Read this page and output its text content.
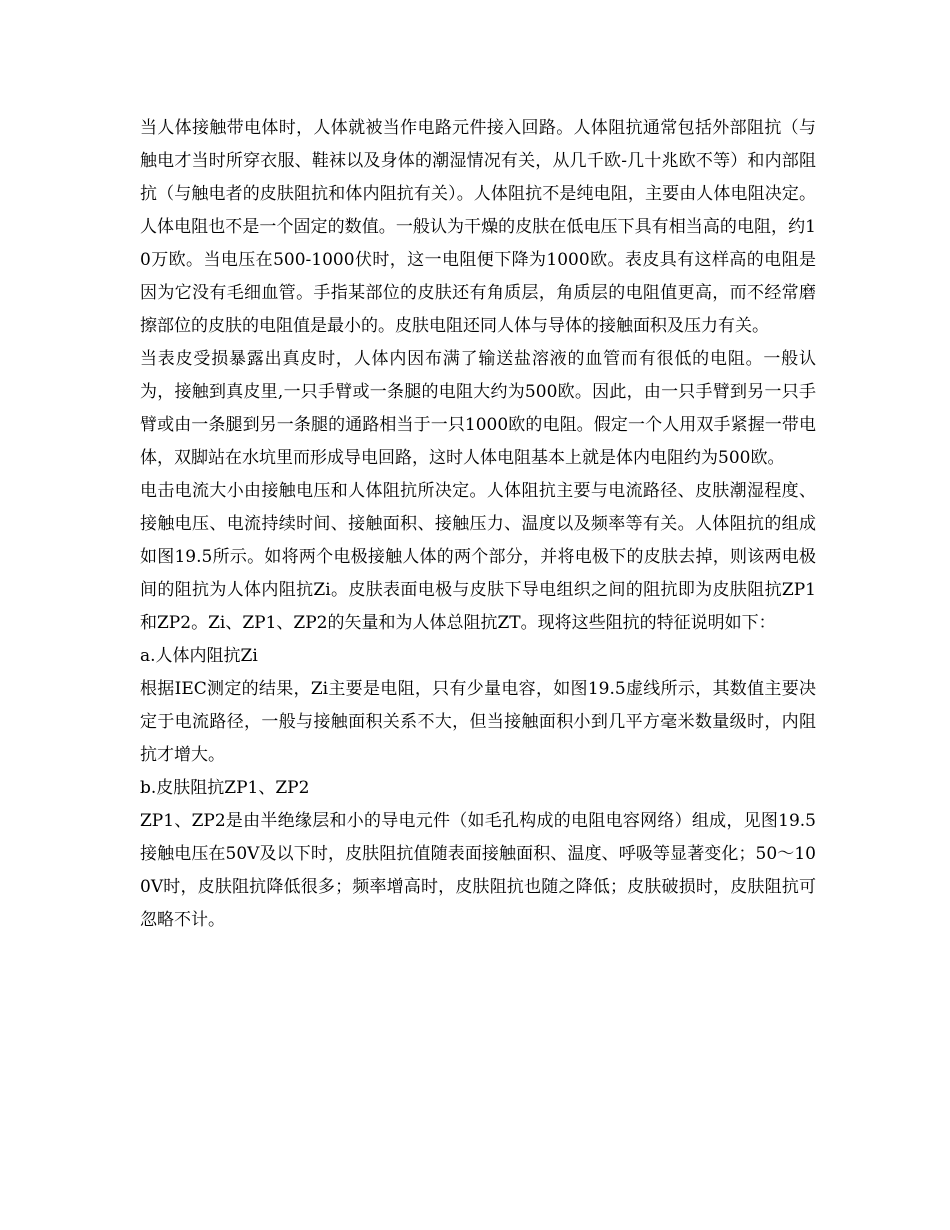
当人体接触带电体时，人体就被当作电路元件接入回路。人体阻抗通常包括外部阻抗（与触电才当时所穿衣服、鞋袜以及身体的潮湿情况有关，从几千欧-几十兆欧不等）和内部阻抗（与触电者的皮肤阻抗和体内阻抗有关）。人体阻抗不是纯电阻，主要由人体电阻决定。人体电阻也不是一个固定的数值。一般认为干燥的皮肤在低电压下具有相当高的电阻，约10万欧。当电压在500-1000伏时，这一电阻便下降为1000欧。表皮具有这样高的电阻是因为它没有毛细血管。手指某部位的皮肤还有角质层，角质层的电阻值更高，而不经常磨擦部位的皮肤的电阻值是最小的。皮肤电阻还同人体与导体的接触面积及压力有关。

当表皮受损暴露出真皮时，人体内因布满了输送盐溶液的血管而有很低的电阻。一般认为，接触到真皮里,一只手臂或一条腿的电阻大约为500欧。因此，由一只手臂到另一只手臂或由一条腿到另一条腿的通路相当于一只1000欧的电阻。假定一个人用双手紧握一带电体，双脚站在水坑里而形成导电回路，这时人体电阻基本上就是体内电阻约为500欧。

电击电流大小由接触电压和人体阻抗所决定。人体阻抗主要与电流路径、皮肤潮湿程度、接触电压、电流持续时间、接触面积、接触压力、温度以及频率等有关。人体阻抗的组成如图19.5所示。如将两个电极接触人体的两个部分，并将电极下的皮肤去掉，则该两电极间的阻抗为人体内阻抗Zi。皮肤表面电极与皮肤下导电组织之间的阻抗即为皮肤阻抗ZP1和ZP2。Zi、ZP1、ZP2的矢量和为人体总阻抗ZT。现将这些阻抗的特征说明如下：

a.人体内阻抗Zi

根据IEC测定的结果，Zi主要是电阻，只有少量电容，如图19.5虚线所示，其数值主要决定于电流路径，一般与接触面积关系不大，但当接触面积小到几平方毫米数量级时，内阻抗才增大。

b.皮肤阻抗ZP1、ZP2

ZP1、ZP2是由半绝缘层和小的导电元件（如毛孔构成的电阻电容网络）组成，见图19.5接触电压在50V及以下时，皮肤阻抗值随表面接触面积、温度、呼吸等显著变化；50～100V时，皮肤阻抗降低很多；频率增高时，皮肤阻抗也随之降低；皮肤破损时，皮肤阻抗可忽略不计。
